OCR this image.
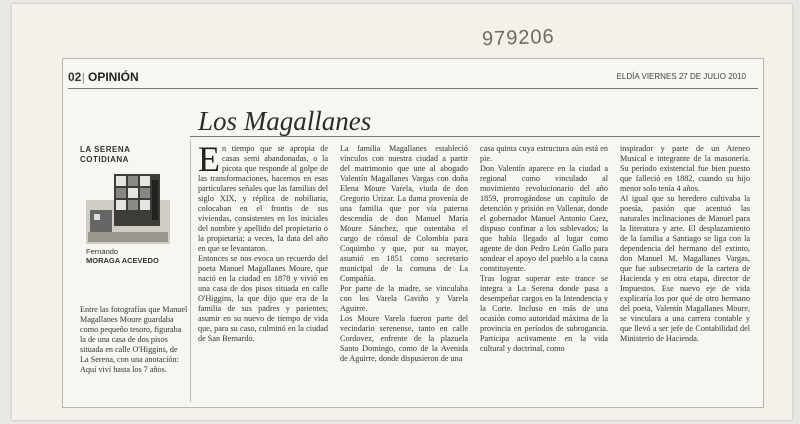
979206
02 | OPINIÓN	ELDÍA VIERNES 27 DE JULIO 2010
Los Magallanes
LA SERENA
COTIDIANA
Fernando
MORAGA ACEVEDO
Entre las fotografías que Manuel Magallanes Moure guardaba como pequeño tesoro, figuraba la de una casa de dos pisos situada en calle O'Higgins, de La Serena, con una anotación: Aquí viví hasta los 7 años.

En tiempo que se apropia de casas semi abandonadas, o la picota que responde al golpe de las transformaciones, hacemos en esas particulares señales que las familias del siglo XIX, y réplica de nobiliaria, colocaban en el frontis de sus viviendas, consistentes en los iniciales del nombre y apellido del propietario o la propietaria; a veces, la data del año en que se levantaron.

Entonces se nos evoca un recuerdo del poeta Manuel Magallanes Moure, que nació en la ciudad en 1878 y vivió en una casa de dos pisos situada en calle O'Higgins, la que dijo que era de la familia de sus padres y parientes; asumir en su nuevo de tiempo de vida que, para su caso, culminó en la ciudad de San Bernardo.

La familia Magallanes estableció vínculos con nuestra ciudad a partir del matrimonio que une al abogado Valentín Magallanes Vargas con doña Elena Moure Varela, viuda de don Gregorio Urízar. La dama provenía de una familia que por vía paterna descendía de don Manuel María Moure Sánchez, que ostentaba el cargo de cónsul de Colombia para Coquimbo y que, por su mayor, asumió en 1851 como secretario municipal de la comuna de La Compañía.

Por parte de la madre, se vinculaba con los Varela Gaviño y Varela Aguirre.

Los Moure Varela fueron parte del vecindario serenense, tanto en calle Cordovez, enfrente de la plazuela Santo Domingo, como de la Avenida de Aguirre, donde dispusieron de una

casa quinta cuya estructura aún está en pie.

Don Valentín aparece en la ciudad a regional como vinculado al movimiento revolucionario del año 1859, prorrogándose un capítulo de detención y prisión en Vallenar, donde el gobernador Manuel Antonio Caez, dispuso confinar a los sublevados; la que había llegado al lugar como agente de don Pedro León Gallo para sondear el apoyo del pueblo a la causa constituyente.

Tras lograr superar este trance se integra a La Serena donde pasa a desempeñar cargos en la Intendencia y la Corte. Incluso en más de una ocasión como autoridad máxima de la provincia en períodos de subrogancia. Participa activamente en la vida cultural y doctrinal, como

inspirador y parte de un Ateneo Musical e integrante de la masonería. Su período existencial fue bien puesto que falleció en 1882, cuando su hijo menor solo tenía 4 años.

Al igual que su heredero cultivaba la poesía, pasión que acentuó las naturales inclinaciones de Manuel para la literatura y arte. El desplazamiento de la familia a Santiago se liga con la dependencia del hermano del extinto, don Manuel M. Magallanes Vargas, que fue subsecretario de la cartera de Hacienda y en otra etapa, director de Impuestos. Ese nuevo eje de vida explicaría los por qué de otro hermano del poeta, Valentín Magallanes Moure, se vinculara a una carrera contable y que llevó a ser jefe de Contabilidad del Ministerio de Hacienda.
